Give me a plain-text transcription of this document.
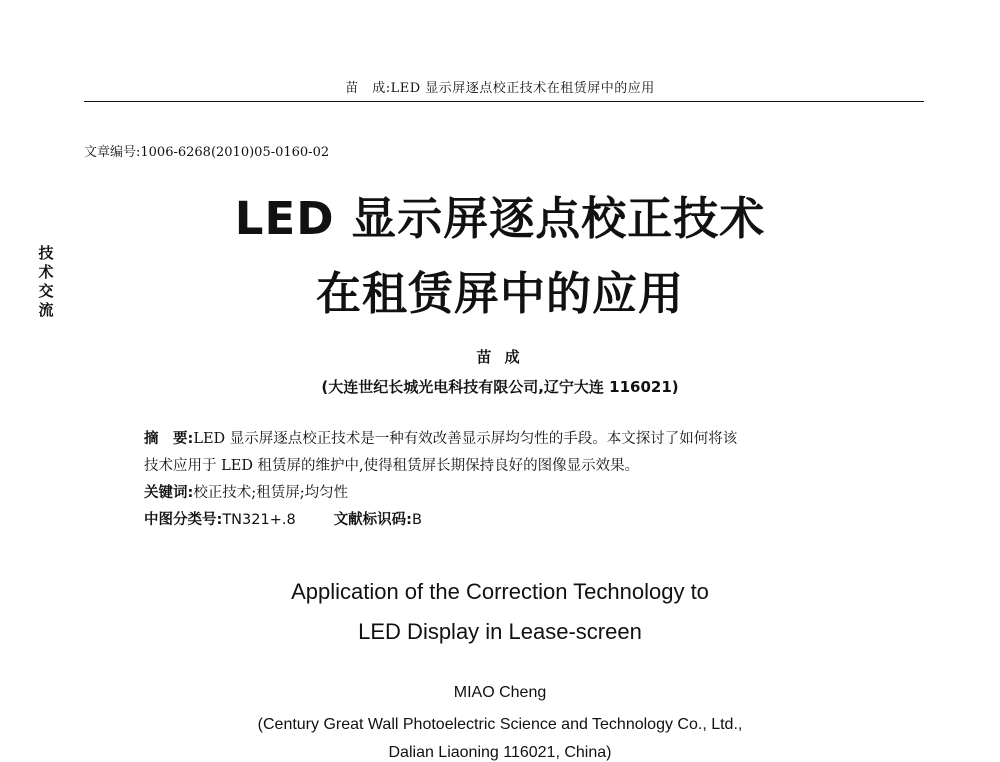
苗　成:LED 显示屏逐点校正技术在租赁屏中的应用
文章编号:1006-6268(2010)05-0160-02
技
术
交
流
LED 显示屏逐点校正技术
在租赁屏中的应用
苗 成
(大连世纪长城光电科技有限公司,辽宁大连 116021)
摘　要:LED 显示屏逐点校正技术是一种有效改善显示屏均匀性的手段。本文探讨了如何将该
技术应用于 LED 租赁屏的维护中,使得租赁屏长期保持良好的图像显示效果。
关键词:校正技术;租赁屏;均匀性
中图分类号:TN321+.8	文献标识码:B
Application of the Correction Technology to
LED Display in Lease-screen
MIAO Cheng
(Century Great Wall Photoelectric Science and Technology Co., Ltd.,
Dalian Liaoning 116021, China)
